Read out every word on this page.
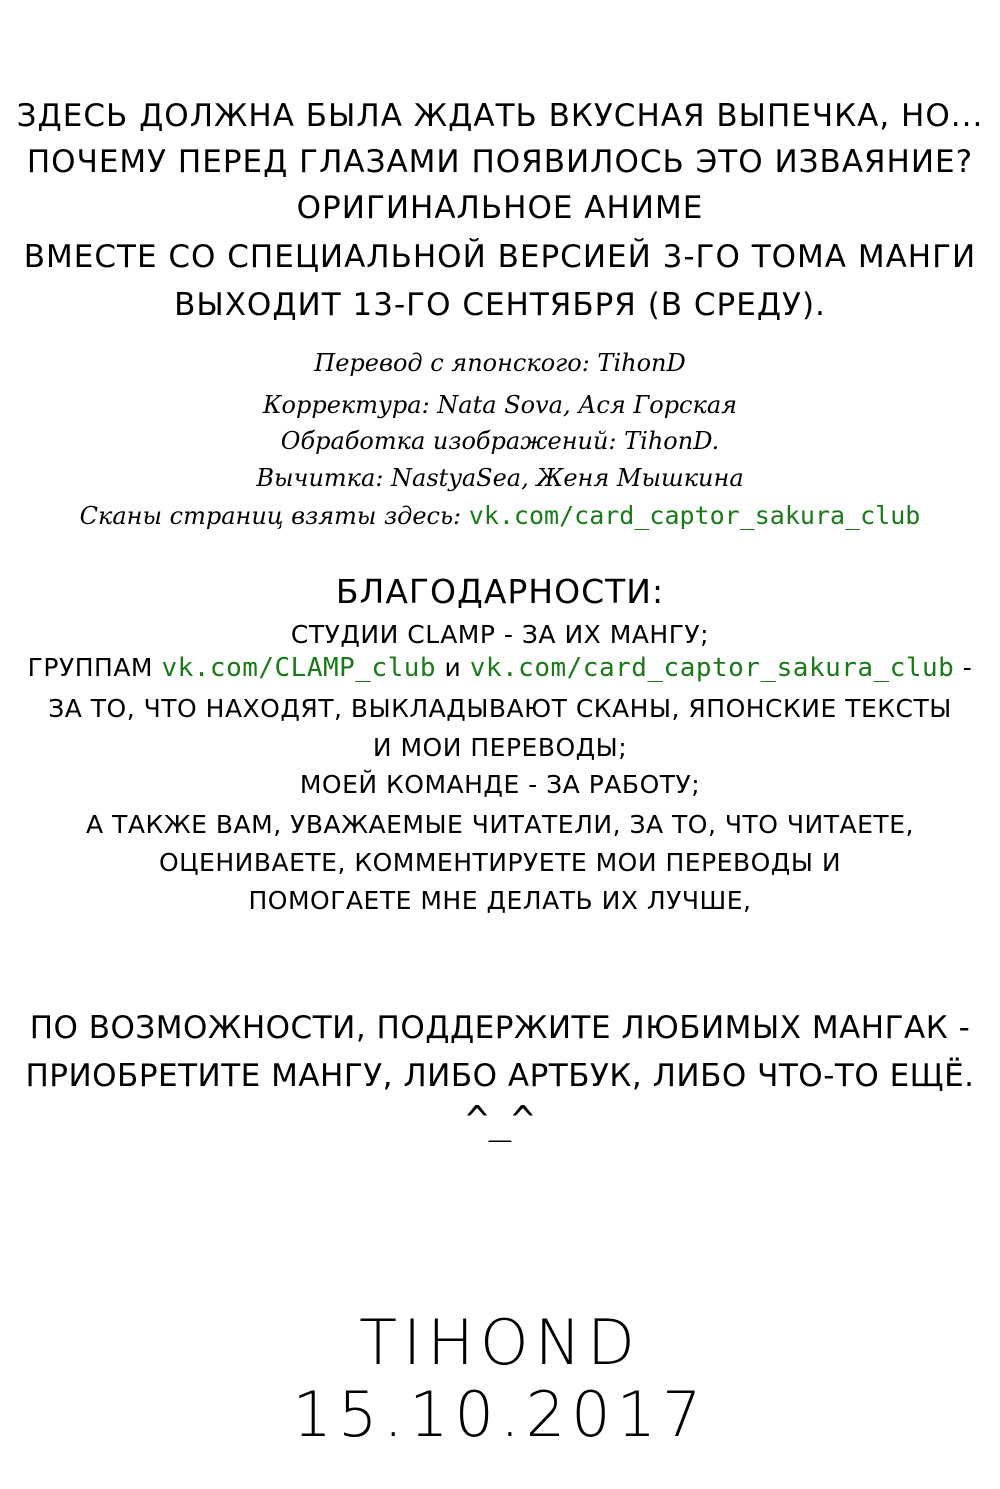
ЗДЕСЬ ДОЛЖНА БЫЛА ЖДАТЬ ВКУСНАЯ ВЫПЕЧКА, НО...
ПОЧЕМУ ПЕРЕД ГЛАЗАМИ ПОЯВИЛОСЬ ЭТО ИЗВАЯНИЕ?
ОРИГИНАЛЬНОЕ АНИМЕ
ВМЕСТЕ СО СПЕЦИАЛЬНОЙ ВЕРСИЕЙ 3-ГО ТОМА МАНГИ
ВЫХОДИТ 13-ГО СЕНТЯБРЯ (В СРЕДУ).
Перевод с японского: TihonD
Корректура: Nata Sova, Ася Горская
Обработка изображений: TihonD.
Вычитка: NastyaSea, Женя Мышкина
Сканы страниц взяты здесь: vk.com/card_captor_sakura_club
БЛАГОДАРНОСТИ:
СТУДИИ CLAMP - ЗА ИХ МАНГУ;
ГРУППАМ vk.com/CLAMP_club и vk.com/card_captor_sakura_club -
ЗА ТО, ЧТО НАХОДЯТ, ВЫКЛАДЫВАЮТ СКАНЫ, ЯПОНСКИЕ ТЕКСТЫ
И МОИ ПЕРЕВОДЫ;
МОЕЙ КОМАНДЕ - ЗА РАБОТУ;
А ТАКЖЕ ВАМ, УВАЖАЕМЫЕ ЧИТАТЕЛИ, ЗА ТО, ЧТО ЧИТАЕТЕ,
ОЦЕНИВАЕТЕ, КОММЕНТИРУЕТЕ МОИ ПЕРЕВОДЫ И
ПОМОГАЕТЕ МНЕ ДЕЛАТЬ ИХ ЛУЧШЕ,
ПО ВОЗМОЖНОСТИ, ПОДДЕРЖИТЕ ЛЮБИМЫХ МАНГАК -
ПРИОБРЕТИТЕ МАНГУ, ЛИБО АРТБУК, ЛИБО ЧТО-ТО ЕЩЁ.
^_^
TIHOND
15.10.2017
